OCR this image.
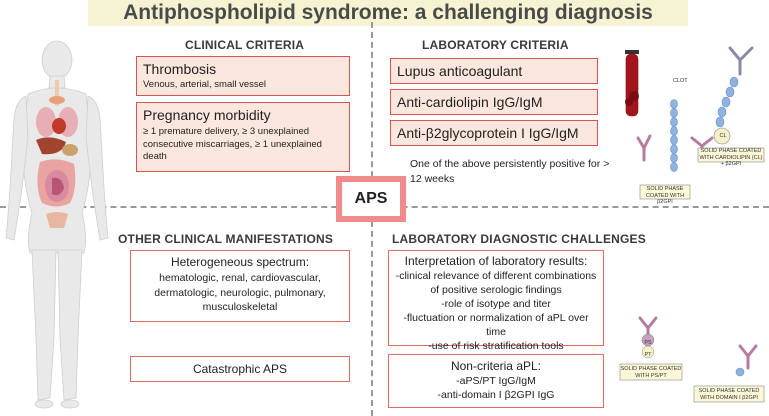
Antiphospholipid syndrome: a challenging diagnosis
CLINICAL CRITERIA
Thrombosis
Venous, arterial, small vessel
Pregnancy morbidity
≥ 1 premature delivery, ≥ 3 unexplained consecutive miscarriages, ≥ 1 unexplained death
LABORATORY CRITERIA
Lupus anticoagulant
Anti-cardiolipin IgG/IgM
Anti-β2glycoprotein I IgG/IgM
One of the above persistently positive for > 12 weeks
APS
OTHER CLINICAL MANIFESTATIONS
Heterogeneous spectrum:
hematologic, renal, cardiovascular, dermatologic, neurologic, pulmonary, musculoskeletal
Catastrophic APS
LABORATORY DIAGNOSTIC CHALLENGES
Interpretation of laboratory results:
-clinical relevance of different combinations
of positive serologic findings
-role of isotype and titer
-fluctuation or normalization of aPL over time
-use of risk stratification tools
Non-criteria aPL:
-aPS/PT IgG/IgM
-anti-domain I β2GPI IgG
CLOT
CL
SOLID PHASE COATED WITH CARDIOLIPIN (CL) + β2GPI
SOLID PHASE COATED WITH β2GPI
PS
PT
SOLID PHASE COATED WITH PS/PT
SOLID PHASE COATED WITH DOMAIN I β2GPI
